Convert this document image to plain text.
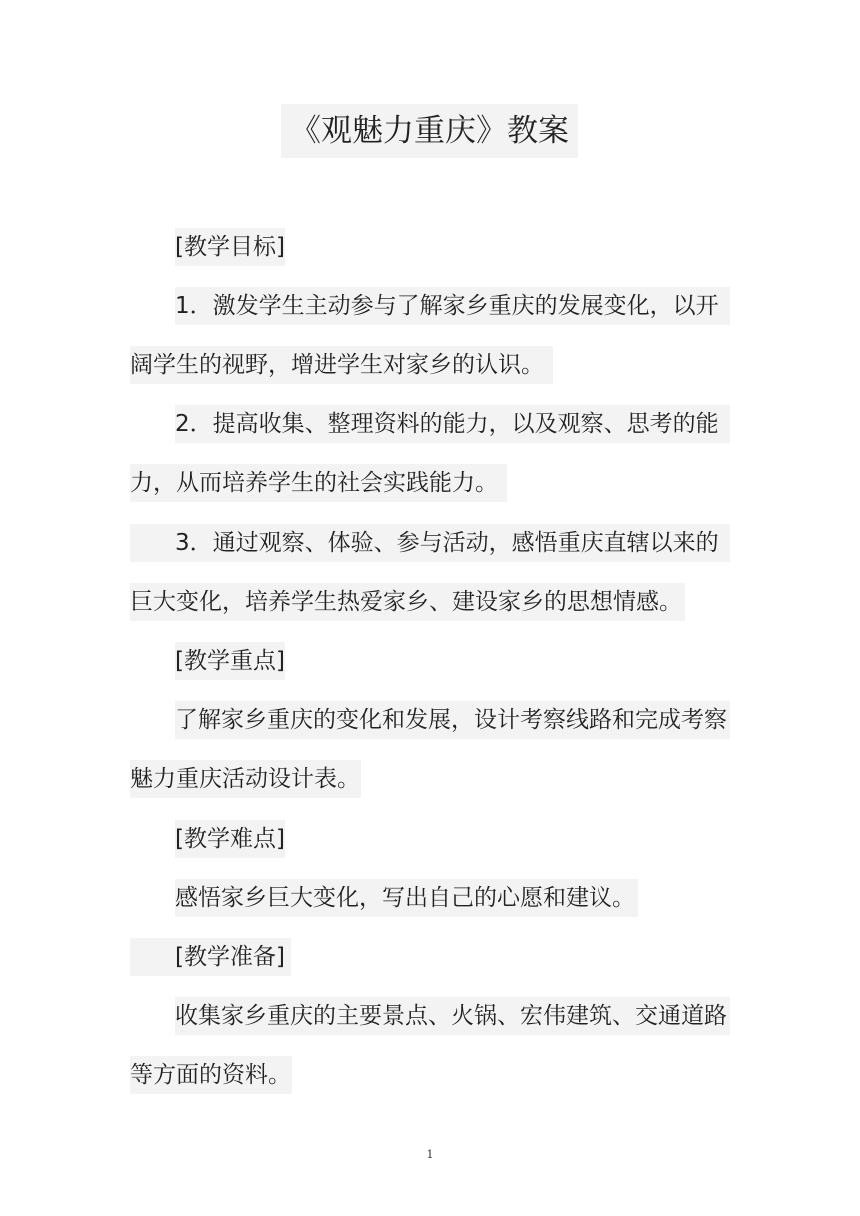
《观魅力重庆》教案
[教学目标]
1．激发学生主动参与了解家乡重庆的发展变化，以开
阔学生的视野，增进学生对家乡的认识。
2．提高收集、整理资料的能力，以及观察、思考的能
力，从而培养学生的社会实践能力。
3．通过观察、体验、参与活动，感悟重庆直辖以来的
巨大变化，培养学生热爱家乡、建设家乡的思想情感。
[教学重点]
了解家乡重庆的变化和发展，设计考察线路和完成考察
魅力重庆活动设计表。
[教学难点]
感悟家乡巨大变化，写出自己的心愿和建议。
[教学准备]
收集家乡重庆的主要景点、火锅、宏伟建筑、交通道路
等方面的资料。
1
